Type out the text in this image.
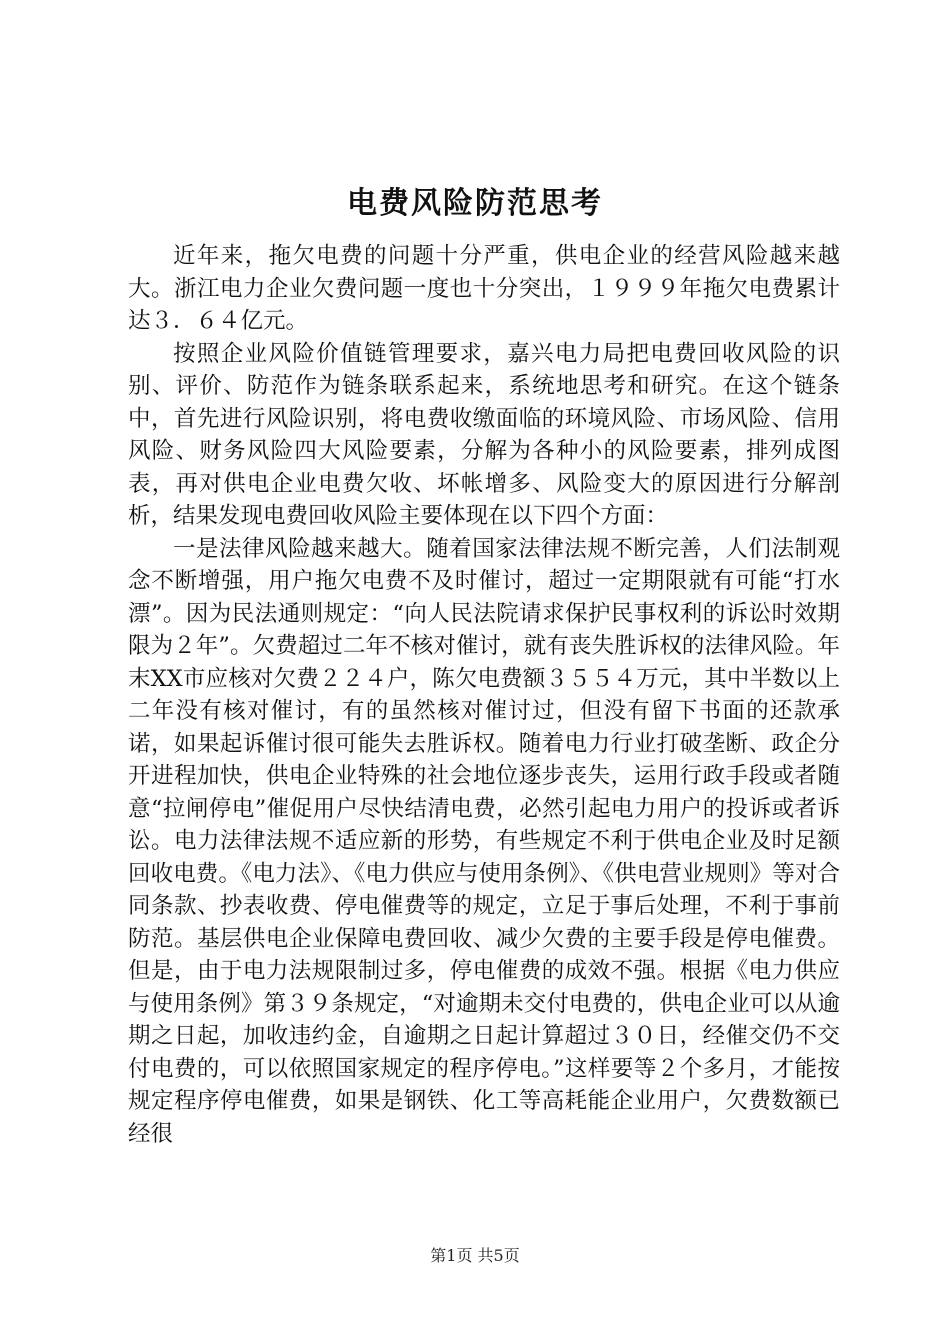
电费风险防范思考

近年来，拖欠电费的问题十分严重，供电企业的经营风险越来越大。浙江电力企业欠费问题一度也十分突出，１９９９年拖欠电费累计达３．６４亿元。

按照企业风险价值链管理要求，嘉兴电力局把电费回收风险的识别、评价、防范作为链条联系起来，系统地思考和研究。在这个链条中，首先进行风险识别，将电费收缴面临的环境风险、市场风险、信用风险、财务风险四大风险要素，分解为各种小的风险要素，排列成图表，再对供电企业电费欠收、坏帐增多、风险变大的原因进行分解剖析，结果发现电费回收风险主要体现在以下四个方面：

一是法律风险越来越大。随着国家法律法规不断完善，人们法制观念不断增强，用户拖欠电费不及时催讨，超过一定期限就有可能“打水漂”。因为民法通则规定：“向人民法院请求保护民事权利的诉讼时效期限为２年”。欠费超过二年不核对催讨，就有丧失胜诉权的法律风险。年末XX市应核对欠费２２４户，陈欠电费额３５５４万元，其中半数以上二年没有核对催讨，有的虽然核对催讨过，但没有留下书面的还款承诺，如果起诉催讨很可能失去胜诉权。随着电力行业打破垄断、政企分开进程加快，供电企业特殊的社会地位逐步丧失，运用行政手段或者随意“拉闸停电”催促用户尽快结清电费，必然引起电力用户的投诉或者诉讼。电力法律法规不适应新的形势，有些规定不利于供电企业及时足额回收电费。《电力法》、《电力供应与使用条例》、《供电营业规则》等对合同条款、抄表收费、停电催费等的规定，立足于事后处理，不利于事前防范。基层供电企业保障电费回收、减少欠费的主要手段是停电催费。但是，由于电力法规限制过多，停电催费的成效不强。根据《电力供应与使用条例》第３９条规定，“对逾期未交付电费的，供电企业可以从逾期之日起，加收违约金，自逾期之日起计算超过３０日，经催交仍不交付电费的，可以依照国家规定的程序停电。”这样要等２个多月，才能按规定程序停电催费，如果是钢铁、化工等高耗能企业用户，欠费数额已经很

第1页 共5页
